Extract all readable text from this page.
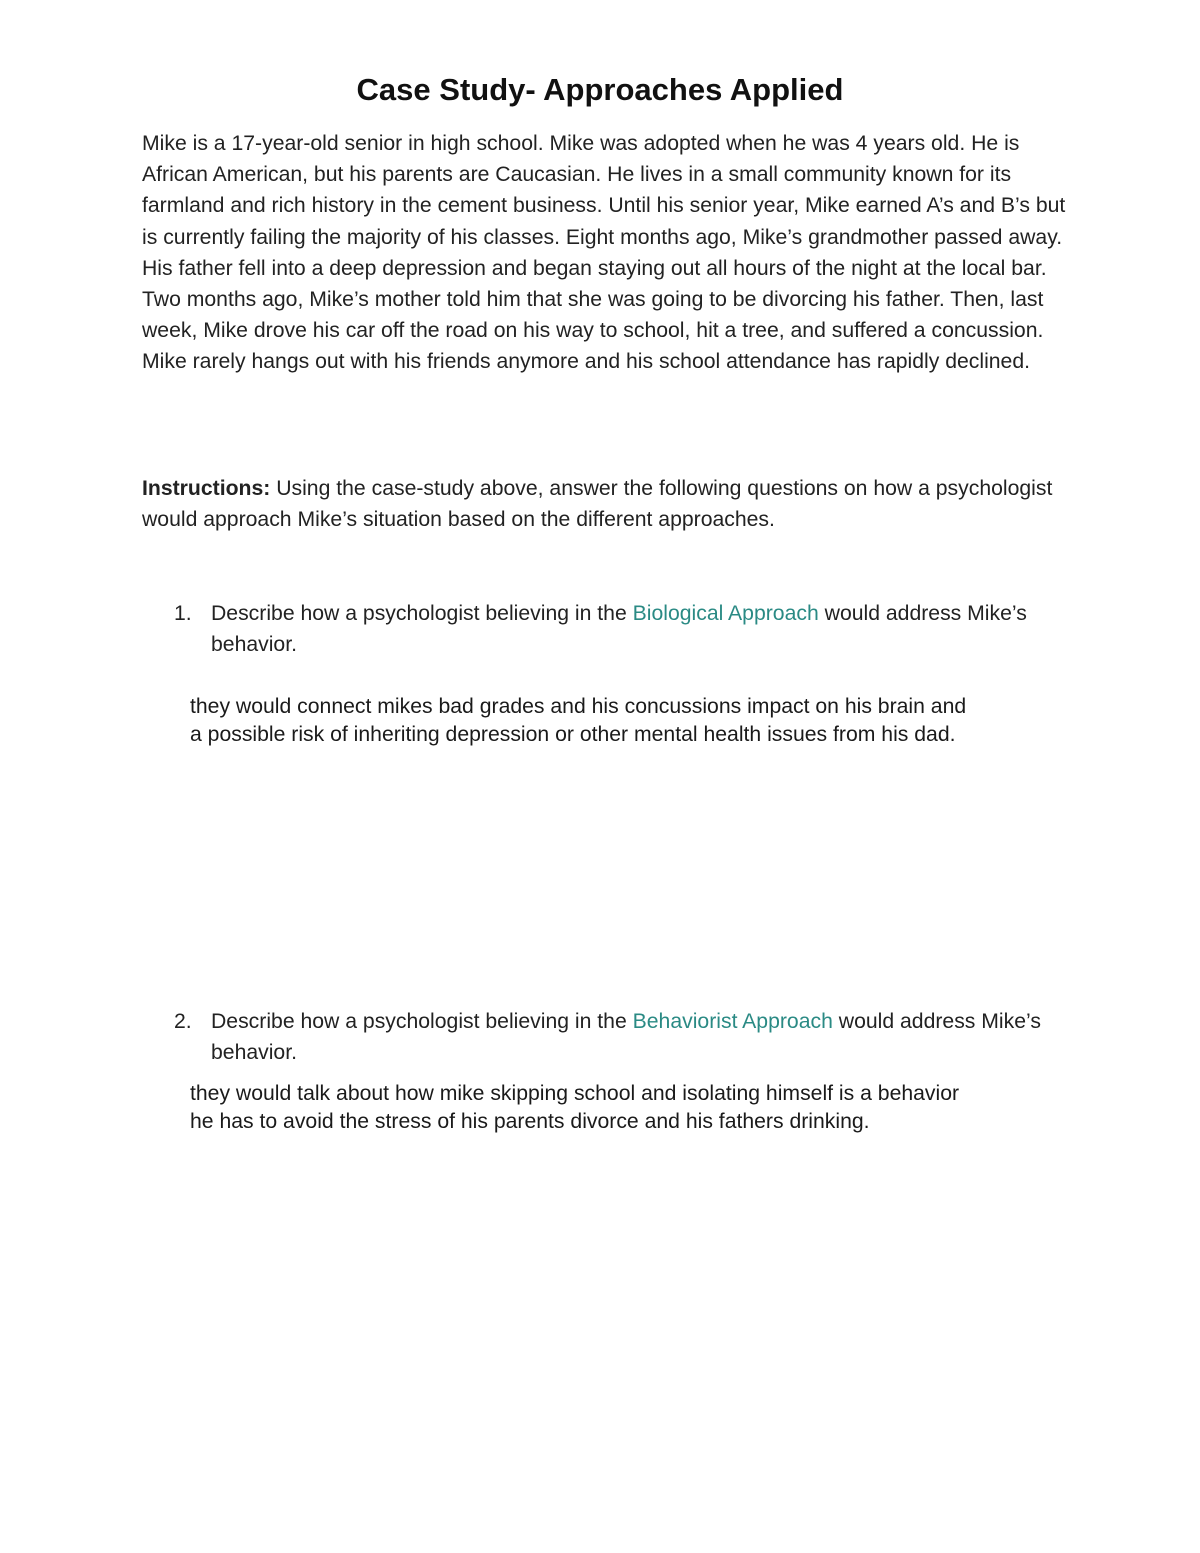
Case Study- Approaches Applied

Mike is a 17-year-old senior in high school. Mike was adopted when he was 4 years old. He is African American, but his parents are Caucasian. He lives in a small community known for its farmland and rich history in the cement business. Until his senior year, Mike earned A’s and B’s but is currently failing the majority of his classes. Eight months ago, Mike’s grandmother passed away. His father fell into a deep depression and began staying out all hours of the night at the local bar. Two months ago, Mike’s mother told him that she was going to be divorcing his father. Then, last week, Mike drove his car off the road on his way to school, hit a tree, and suffered a concussion. Mike rarely hangs out with his friends anymore and his school attendance has rapidly declined.

Instructions: Using the case-study above, answer the following questions on how a psychologist would approach Mike’s situation based on the different approaches.

1. Describe how a psychologist believing in the Biological Approach would address Mike’s behavior.

they would connect mikes bad grades and his concussions impact on his brain and a possible risk of inheriting depression or other mental health issues from his dad.

2. Describe how a psychologist believing in the Behaviorist Approach would address Mike’s behavior.

they would talk about how mike skipping school and isolating himself is a behavior he has to avoid the stress of his parents divorce and his fathers drinking.
